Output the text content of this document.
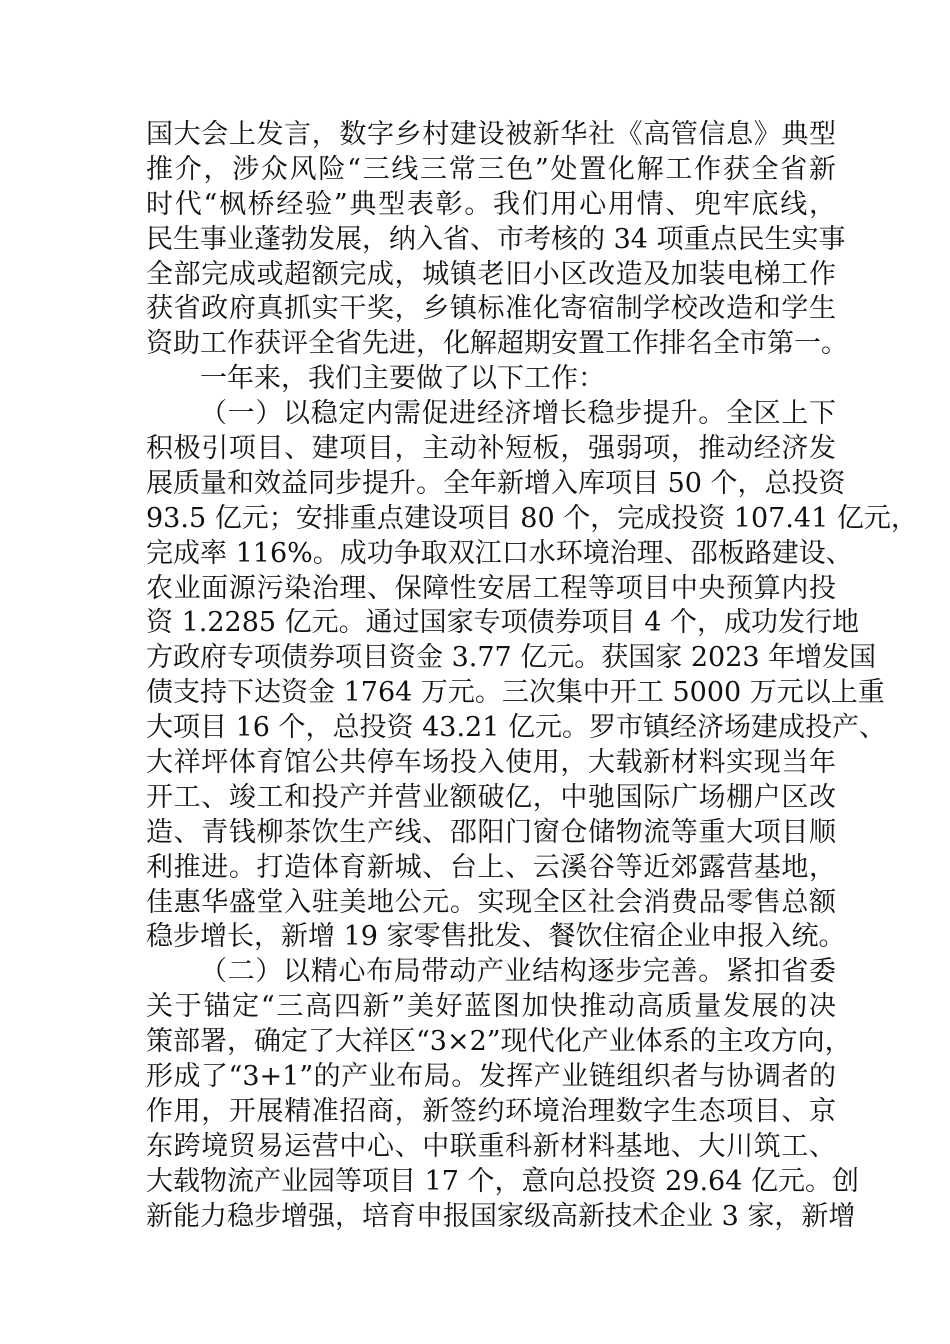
国大会上发言，数字乡村建设被新华社《高管信息》典型
推介，涉众风险“三线三常三色”处置化解工作获全省新
时代“枫桥经验”典型表彰。我们用心用情、兜牢底线，
民生事业蓬勃发展，纳入省、市考核的 34 项重点民生实事
全部完成或超额完成，城镇老旧小区改造及加装电梯工作
获省政府真抓实干奖，乡镇标准化寄宿制学校改造和学生
资助工作获评全省先进，化解超期安置工作排名全市第一。
一年来，我们主要做了以下工作：
（一）以稳定内需促进经济增长稳步提升。全区上下
积极引项目、建项目，主动补短板，强弱项，推动经济发
展质量和效益同步提升。全年新增入库项目 50 个，总投资
93.5 亿元；安排重点建设项目 80 个，完成投资 107.41 亿元，
完成率 116%。成功争取双江口水环境治理、邵板路建设、
农业面源污染治理、保障性安居工程等项目中央预算内投
资 1.2285 亿元。通过国家专项债券项目 4 个，成功发行地
方政府专项债券项目资金 3.77 亿元。获国家 2023 年增发国
债支持下达资金 1764 万元。三次集中开工 5000 万元以上重
大项目 16 个，总投资 43.21 亿元。罗市镇经济场建成投产、
大祥坪体育馆公共停车场投入使用，大载新材料实现当年
开工、竣工和投产并营业额破亿，中驰国际广场棚户区改
造、青钱柳茶饮生产线、邵阳门窗仓储物流等重大项目顺
利推进。打造体育新城、台上、云溪谷等近郊露营基地，
佳惠华盛堂入驻美地公元。实现全区社会消费品零售总额
稳步增长，新增 19 家零售批发、餐饮住宿企业申报入统。
（二）以精心布局带动产业结构逐步完善。紧扣省委
关于锚定“三高四新”美好蓝图加快推动高质量发展的决
策部署，确定了大祥区“3×2”现代化产业体系的主攻方向，
形成了“3+1”的产业布局。发挥产业链组织者与协调者的
作用，开展精准招商，新签约环境治理数字生态项目、京
东跨境贸易运营中心、中联重科新材料基地、大川筑工、
大载物流产业园等项目 17 个，意向总投资 29.64 亿元。创
新能力稳步增强，培育申报国家级高新技术企业 3 家，新增
